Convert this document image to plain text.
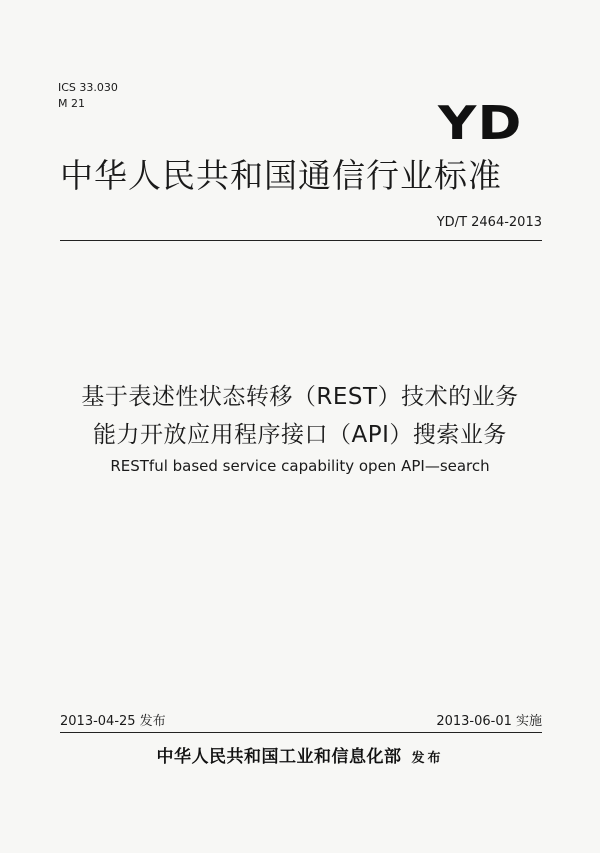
ICS 33.030
M 21	YD
中华人民共和国通信行业标准
YD/T 2464-2013
基于表述性状态转移（REST）技术的业务
能力开放应用程序接口（API）搜索业务
RESTful based service capability open API—search
2013-04-25 发布	2013-06-01 实施
中华人民共和国工业和信息化部 发布
